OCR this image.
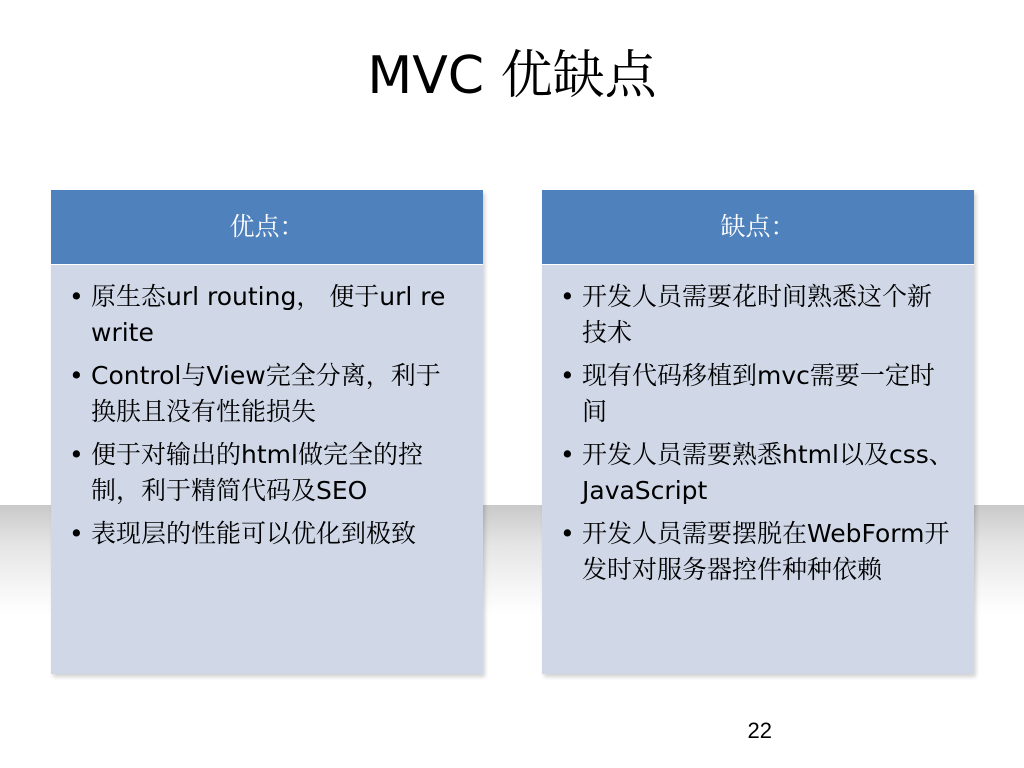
MVC 优缺点
优点：
• 原生态url routing， 便于url rewrite
• Control与View完全分离，利于换肤且没有性能损失
• 便于对输出的html做完全的控制，利于精简代码及SEO
• 表现层的性能可以优化到极致
缺点：
• 开发人员需要花时间熟悉这个新技术
• 现有代码移植到mvc需要一定时间
• 开发人员需要熟悉html以及css、JavaScript
• 开发人员需要摆脱在WebForm开发时对服务器控件种种依赖
22
